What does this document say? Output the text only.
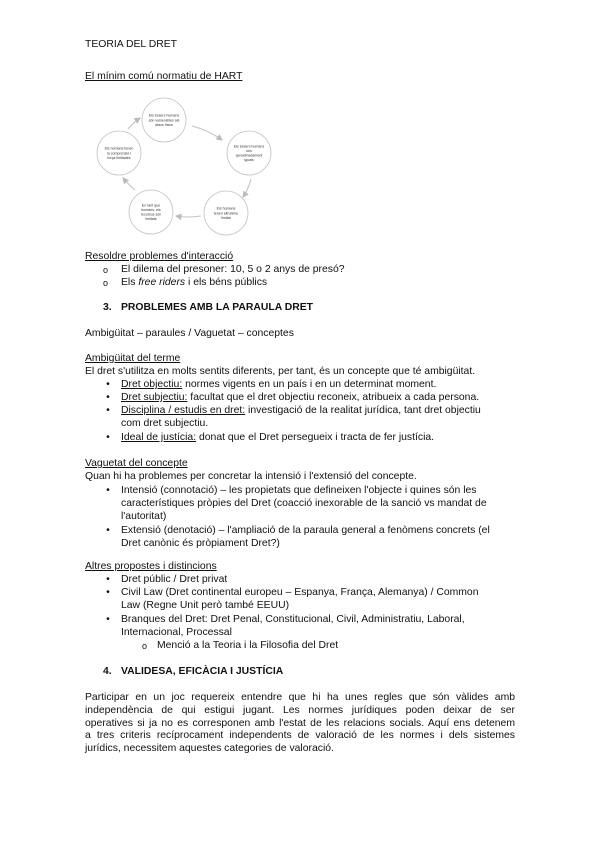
TEORIA DEL DRET
El mínim comú normatiu de HART
Els éssers humans
són vulnerables als
atacs físics
Els éssers humans
són
aproximadament
iguals
Els humans
tenen altruisme
limitat
En tant que
humans, els
recursos són
limitats
Els humans tenen
la comprensió i
força limitades
Resoldre problemes d'interacció
o El dilema del presoner: 10, 5 o 2 anys de presó?
o Els free riders i els béns públics
3. PROBLEMES AMB LA PARAULA DRET
Ambigüitat – paraules / Vaguetat – conceptes
Ambigüitat del terme
El dret s'utilitza en molts sentits diferents, per tant, és un concepte que té ambigüitat.
•	Dret objectiu: normes vigents en un país i en un determinat moment.
•	Dret subjectiu: facultat que el dret objectiu reconeix, atribueix a cada persona.
•	Disciplina / estudis en dret: investigació de la realitat jurídica, tant dret objectiu
com dret subjectiu.
•	Ideal de justícia: donat que el Dret persegueix i tracta de fer justícia.
Vaguetat del concepte
Quan hi ha problemes per concretar la intensió i l'extensió del concepte.
•	Intensió (connotació) – les propietats que defineixen l'objecte i quines són les
característiques pròpies del Dret (coacció inexorable de la sanció vs mandat de
l'autoritat)
•	Extensió (denotació) – l'ampliació de la paraula general a fenòmens concrets (el
Dret canònic és pròpiament Dret?)
Altres propostes i distincions
•	Dret públic / Dret privat
•	Civil Law (Dret continental europeu – Espanya, França, Alemanya) / Common
Law (Regne Unit però també EEUU)
•	Branques del Dret: Dret Penal, Constitucional, Civil, Administratiu, Laboral,
Internacional, Processal
o Menció a la Teoria i la Filosofia del Dret
4. VALIDESA, EFICÀCIA I JUSTÍCIA
Participar en un joc requereix entendre que hi ha unes regles que són vàlides amb
independència de qui estigui jugant. Les normes jurídiques poden deixar de ser
operatives si ja no es corresponen amb l'estat de les relacions socials. Aquí ens detenem
a tres criteris recíprocament independents de valoració de les normes i dels sistemes
jurídics, necessitem aquestes categories de valoració.
